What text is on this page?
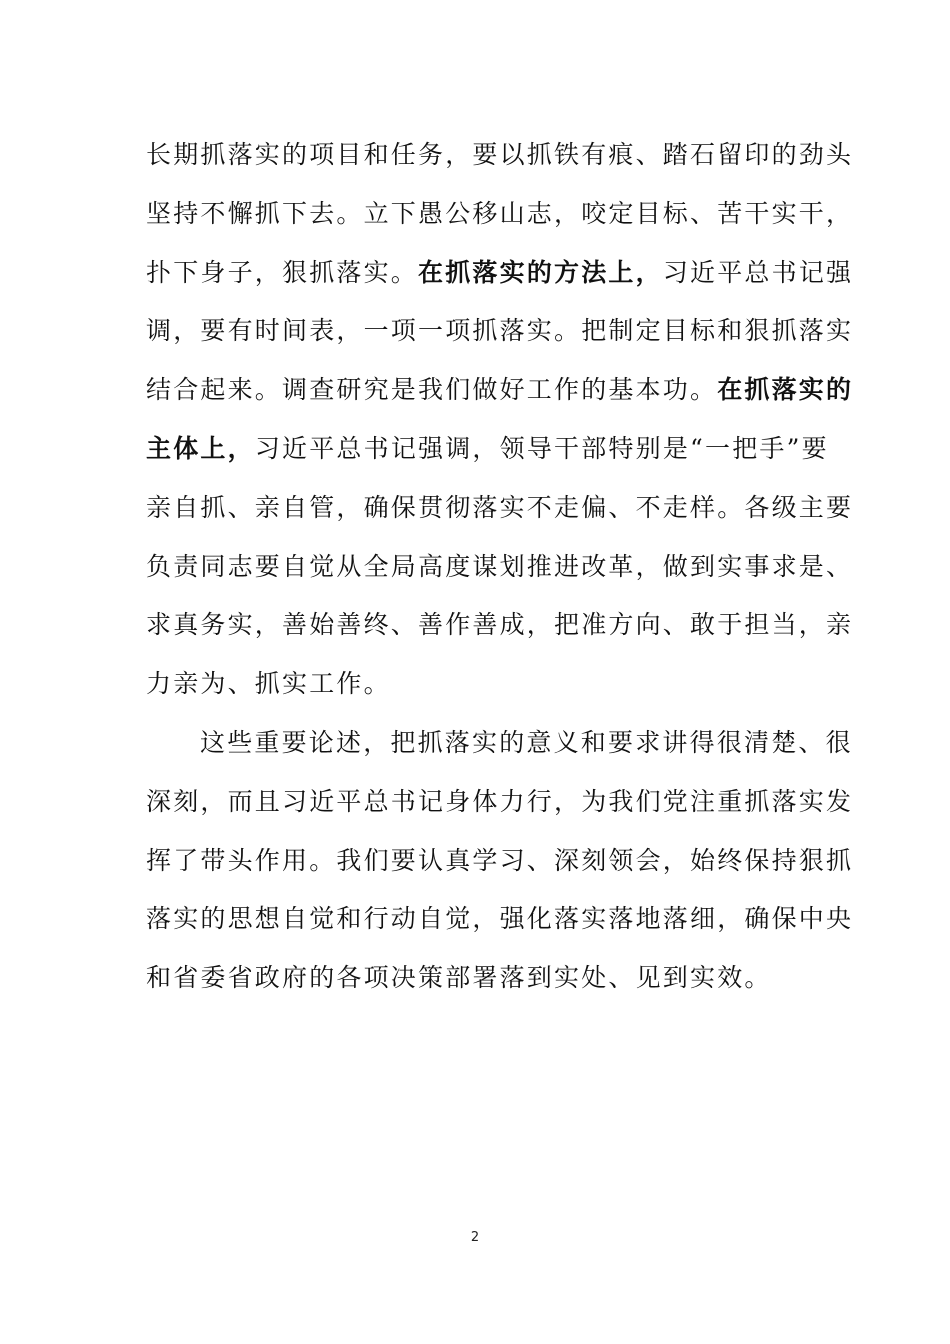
长期抓落实的项目和任务，要以抓铁有痕、踏石留印的劲头
坚持不懈抓下去。立下愚公移山志，咬定目标、苦干实干，
扑下身子，狠抓落实。在抓落实的方法上，习近平总书记强
调，要有时间表，一项一项抓落实。把制定目标和狠抓落实
结合起来。调查研究是我们做好工作的基本功。在抓落实的
主体上，习近平总书记强调，领导干部特别是“一把手”要
亲自抓、亲自管，确保贯彻落实不走偏、不走样。各级主要
负责同志要自觉从全局高度谋划推进改革，做到实事求是、
求真务实，善始善终、善作善成，把准方向、敢于担当，亲
力亲为、抓实工作。
这些重要论述，把抓落实的意义和要求讲得很清楚、很
深刻，而且习近平总书记身体力行，为我们党注重抓落实发
挥了带头作用。我们要认真学习、深刻领会，始终保持狠抓
落实的思想自觉和行动自觉，强化落实落地落细，确保中央
和省委省政府的各项决策部署落到实处、见到实效。
2
